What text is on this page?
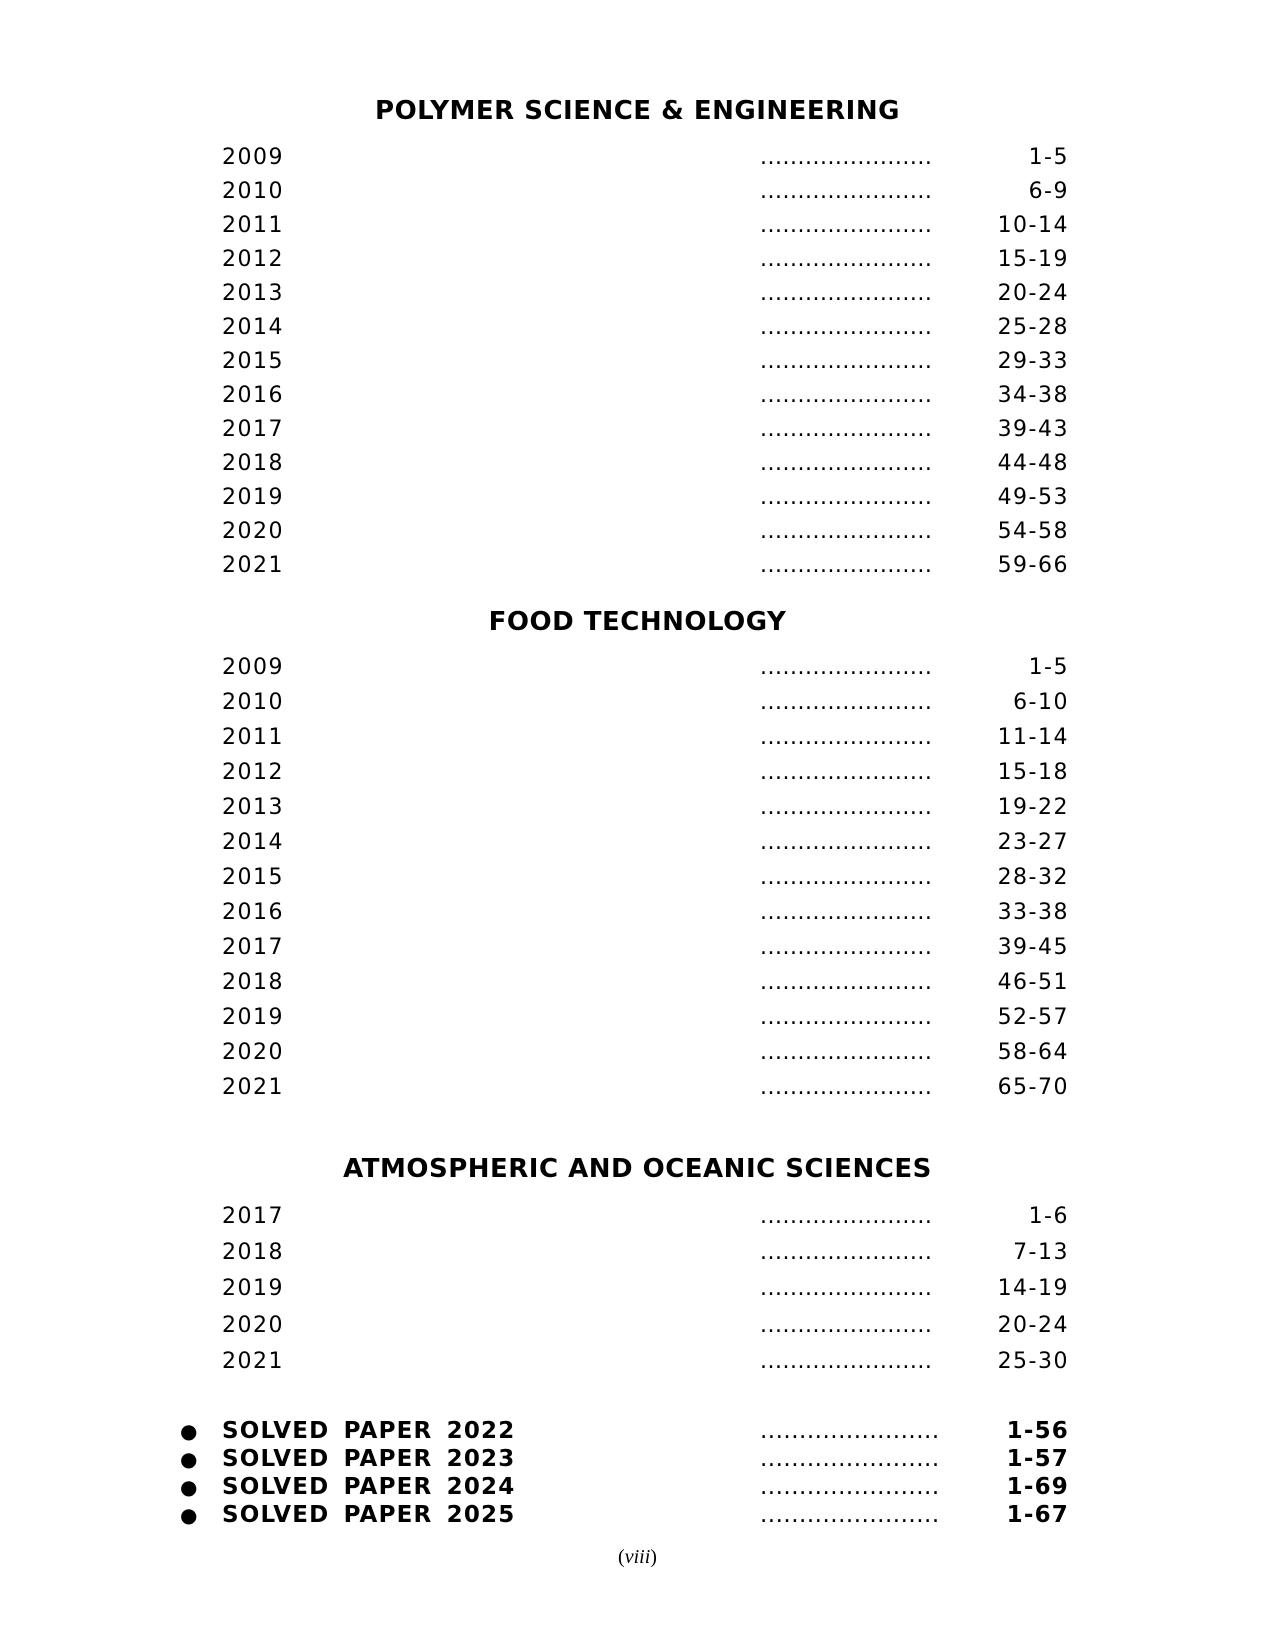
POLYMER SCIENCE & ENGINEERING
2009	.......................	1-5
2010	.......................	6-9
2011	.......................	10-14
2012	.......................	15-19
2013	.......................	20-24
2014	.......................	25-28
2015	.......................	29-33
2016	.......................	34-38
2017	.......................	39-43
2018	.......................	44-48
2019	.......................	49-53
2020	.......................	54-58
2021	.......................	59-66
FOOD TECHNOLOGY
2009	.......................	1-5
2010	.......................	6-10
2011	.......................	11-14
2012	.......................	15-18
2013	.......................	19-22
2014	.......................	23-27
2015	.......................	28-32
2016	.......................	33-38
2017	.......................	39-45
2018	.......................	46-51
2019	.......................	52-57
2020	.......................	58-64
2021	.......................	65-70
ATMOSPHERIC AND OCEANIC SCIENCES
2017	.......................	1-6
2018	.......................	7-13
2019	.......................	14-19
2020	.......................	20-24
2021	.......................	25-30
● SOLVED PAPER 2022	.......................	1-56
● SOLVED PAPER 2023	.......................	1-57
● SOLVED PAPER 2024	.......................	1-69
● SOLVED PAPER 2025	.......................	1-67
(viii)
